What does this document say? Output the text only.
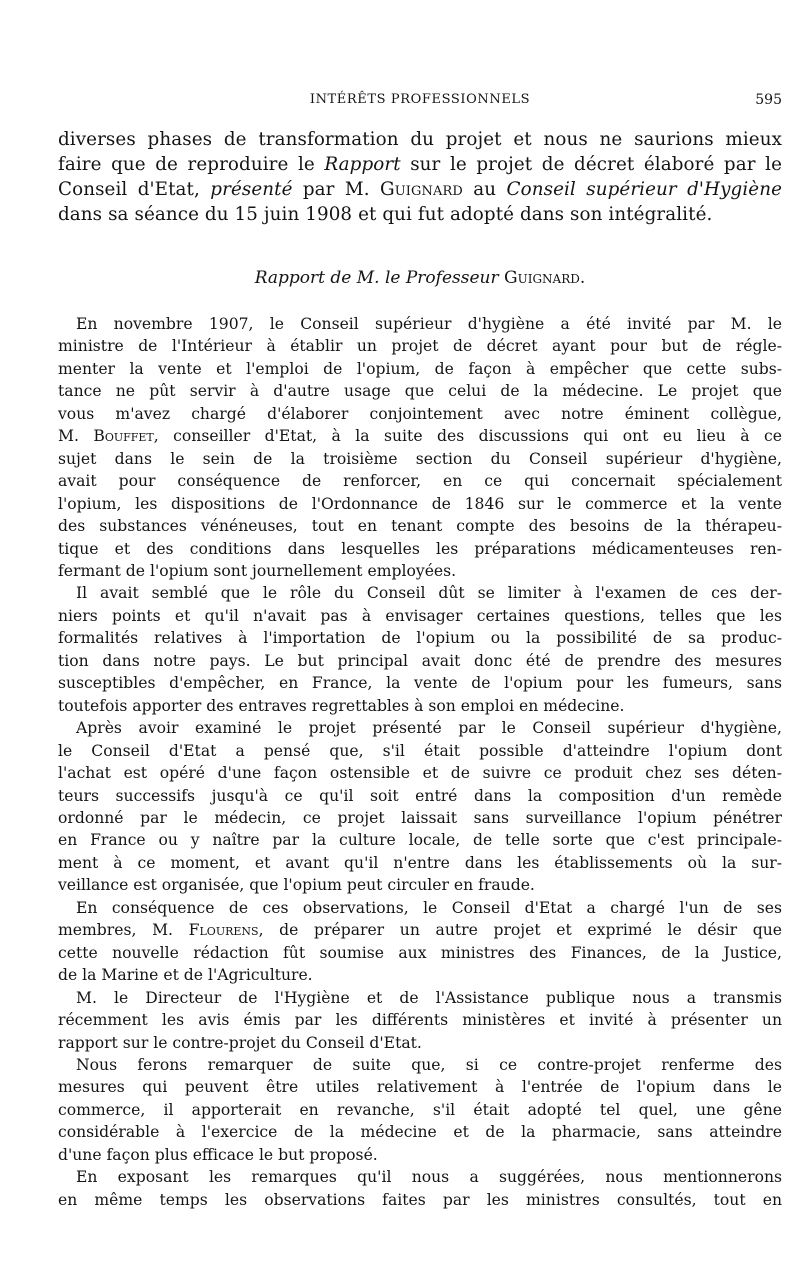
INTÉRÊTS PROFESSIONNELS	595

diverses phases de transformation du projet et nous ne saurions mieux

faire que de reproduire le Rapport sur le projet de décret élaboré par le

Conseil d'Etat, présenté par M. Guignard au Conseil supérieur d'Hygiène

dans sa séance du 15 juin 1908 et qui fut adopté dans son intégralité.

Rapport de M. le Professeur Guignard.

En novembre 1907, le Conseil supérieur d'hygiène a été invité par M. le

ministre de l'Intérieur à établir un projet de décret ayant pour but de régle-

menter la vente et l'emploi de l'opium, de façon à empêcher que cette subs-

tance ne pût servir à d'autre usage que celui de la médecine. Le projet que

vous m'avez chargé d'élaborer conjointement avec notre éminent collègue,

M. Bouffet, conseiller d'Etat, à la suite des discussions qui ont eu lieu à ce

sujet dans le sein de la troisième section du Conseil supérieur d'hygiène,

avait pour conséquence de renforcer, en ce qui concernait spécialement

l'opium, les dispositions de l'Ordonnance de 1846 sur le commerce et la vente

des substances vénéneuses, tout en tenant compte des besoins de la thérapeu-

tique et des conditions dans lesquelles les préparations médicamenteuses ren-

fermant de l'opium sont journellement employées.

Il avait semblé que le rôle du Conseil dût se limiter à l'examen de ces der-

niers points et qu'il n'avait pas à envisager certaines questions, telles que les

formalités relatives à l'importation de l'opium ou la possibilité de sa produc-

tion dans notre pays. Le but principal avait donc été de prendre des mesures

susceptibles d'empêcher, en France, la vente de l'opium pour les fumeurs, sans

toutefois apporter des entraves regrettables à son emploi en médecine.

Après avoir examiné le projet présenté par le Conseil supérieur d'hygiène,

le Conseil d'Etat a pensé que, s'il était possible d'atteindre l'opium dont

l'achat est opéré d'une façon ostensible et de suivre ce produit chez ses déten-

teurs successifs jusqu'à ce qu'il soit entré dans la composition d'un remède

ordonné par le médecin, ce projet laissait sans surveillance l'opium pénétrer

en France ou y naître par la culture locale, de telle sorte que c'est principale-

ment à ce moment, et avant qu'il n'entre dans les établissements où la sur-

veillance est organisée, que l'opium peut circuler en fraude.

En conséquence de ces observations, le Conseil d'Etat a chargé l'un de ses

membres, M. Flourens, de préparer un autre projet et exprimé le désir que

cette nouvelle rédaction fût soumise aux ministres des Finances, de la Justice,

de la Marine et de l'Agriculture.

M. le Directeur de l'Hygiène et de l'Assistance publique nous a transmis

récemment les avis émis par les différents ministères et invité à présenter un

rapport sur le contre-projet du Conseil d'Etat.

Nous ferons remarquer de suite que, si ce contre-projet renferme des

mesures qui peuvent être utiles relativement à l'entrée de l'opium dans le

commerce, il apporterait en revanche, s'il était adopté tel quel, une gêne

considérable à l'exercice de la médecine et de la pharmacie, sans atteindre

d'une façon plus efficace le but proposé.

En exposant les remarques qu'il nous a suggérées, nous mentionnerons

en même temps les observations faites par les ministres consultés, tout en
